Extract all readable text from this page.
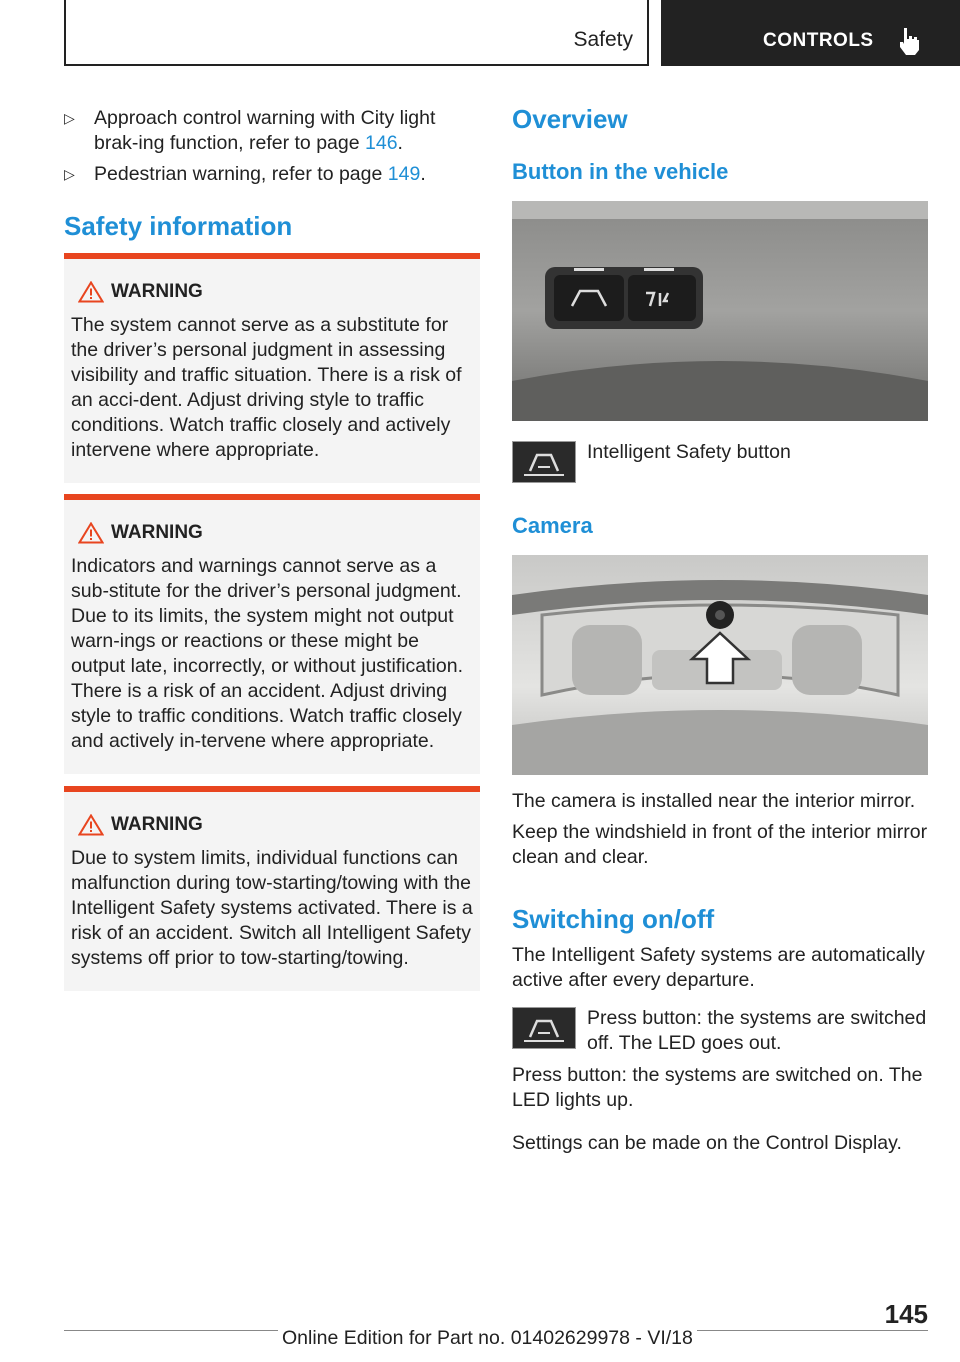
Safety	CONTROLS
▷ Approach control warning with City light brak‐ing function, refer to page 146.
▷ Pedestrian warning, refer to page 149.
Safety information
WARNING
The system cannot serve as a substitute for the driver’s personal judgment in assessing visibility and traffic situation. There is a risk of an acci‐dent. Adjust driving style to traffic conditions. Watch traffic closely and actively intervene where appropriate.
WARNING
Indicators and warnings cannot serve as a sub‐stitute for the driver’s personal judgment. Due to its limits, the system might not output warn‐ings or reactions or these might be output late, incorrectly, or without justification. There is a risk of an accident. Adjust driving style to traffic conditions. Watch traffic closely and actively in‐tervene where appropriate.
WARNING
Due to system limits, individual functions can malfunction during tow‐starting/towing with the Intelligent Safety systems activated. There is a risk of an accident. Switch all Intelligent Safety systems off prior to tow‐starting/towing.
Overview
Button in the vehicle
Intelligent Safety button
Camera
The camera is installed near the interior mirror.
Keep the windshield in front of the interior mirror clean and clear.
Switching on/off
The Intelligent Safety systems are automatically active after every departure.
Press button: the systems are switched off. The LED goes out.
Press button: the systems are switched on. The LED lights up.
Settings can be made on the Control Display.
145
Online Edition for Part no. 01402629978 - VI/18
